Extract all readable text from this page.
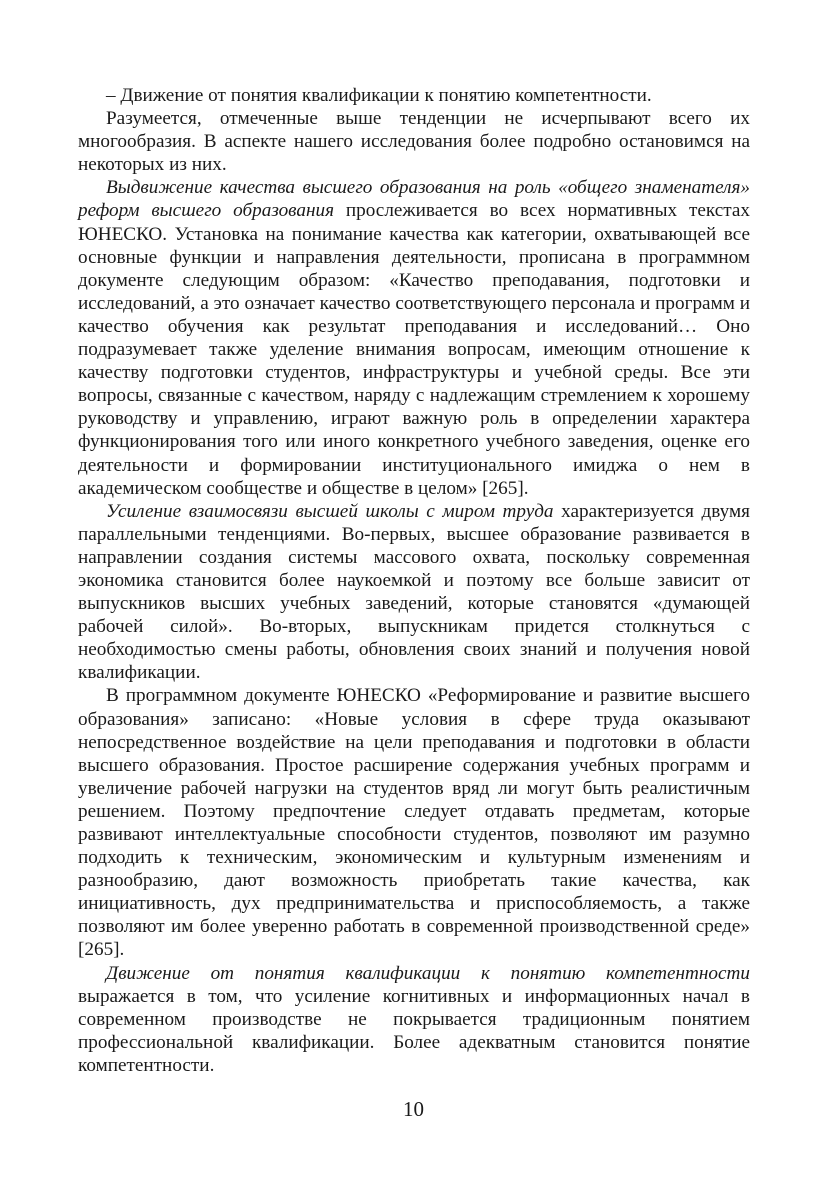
– Движение от понятия квалификации к понятию компетентности.

Разумеется, отмеченные выше тенденции не исчерпывают всего их многообразия. В аспекте нашего исследования более подробно остановимся на некоторых из них.

Выдвижение качества высшего образования на роль «общего знаменателя» реформ высшего образования прослеживается во всех нормативных текстах ЮНЕСКО. Установка на понимание качества как категории, охватывающей все основные функции и направления деятельности, прописана в программном документе следующим образом: «Качество преподавания, подготовки и исследований, а это означает качество соответствующего персонала и программ и качество обучения как результат преподавания и исследований… Оно подразумевает также уделение внимания вопросам, имеющим отношение к качеству подготовки студентов, инфраструктуры и учебной среды. Все эти вопросы, связанные с качеством, наряду с надлежащим стремлением к хорошему руководству и управлению, играют важную роль в определении характера функционирования того или иного конкретного учебного заведения, оценке его деятельности и формировании институционального имиджа о нем в академическом сообществе и обществе в целом» [265].

Усиление взаимосвязи высшей школы с миром труда характеризуется двумя параллельными тенденциями. Во-первых, высшее образование развивается в направлении создания системы массового охвата, поскольку современная экономика становится более наукоемкой и поэтому все больше зависит от выпускников высших учебных заведений, которые становятся «думающей рабочей силой». Во-вторых, выпускникам придется столкнуться с необходимостью смены работы, обновления своих знаний и получения новой квалификации.

В программном документе ЮНЕСКО «Реформирование и развитие высшего образования» записано: «Новые условия в сфере труда оказывают непосредственное воздействие на цели преподавания и подготовки в области высшего образования. Простое расширение содержания учебных программ и увеличение рабочей нагрузки на студентов вряд ли могут быть реалистичным решением. Поэтому предпочтение следует отдавать предметам, которые развивают интеллектуальные способности студентов, позволяют им разумно подходить к техническим, экономическим и культурным изменениям и разнообразию, дают возможность приобретать такие качества, как инициативность, дух предпринимательства и приспособляемость, а также позволяют им более уверенно работать в современной производственной среде» [265].

Движение от понятия квалификации к понятию компетентности выражается в том, что усиление когнитивных и информационных начал в современном производстве не покрывается традиционным понятием профессиональной квалификации. Более адекватным становится понятие компетентности.

10
